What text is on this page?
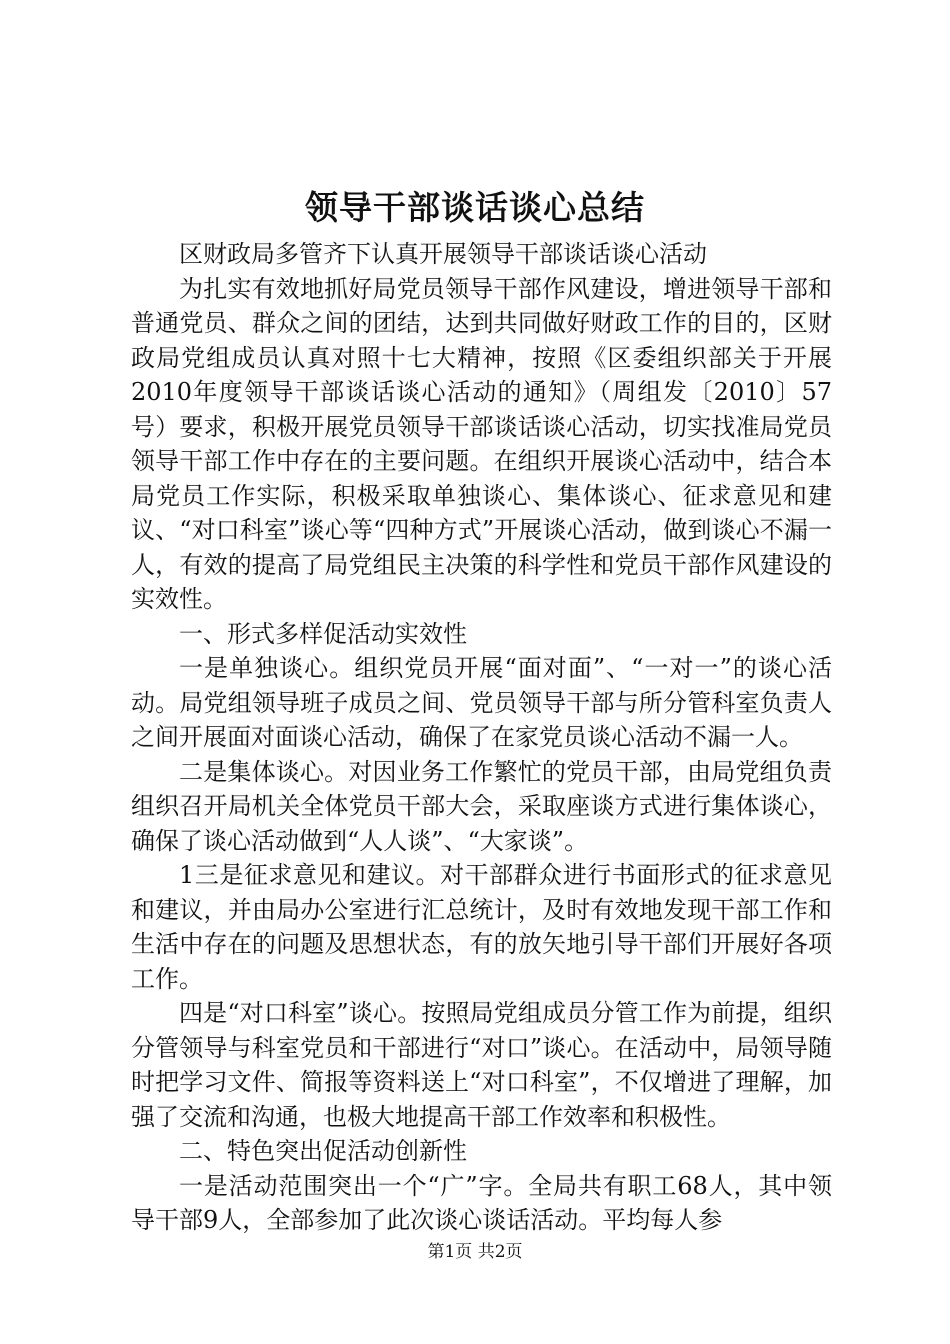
领导干部谈话谈心总结

区财政局多管齐下认真开展领导干部谈话谈心活动

为扎实有效地抓好局党员领导干部作风建设，增进领导干部和普通党员、群众之间的团结，达到共同做好财政工作的目的，区财政局党组成员认真对照十七大精神，按照《区委组织部关于开展2010年度领导干部谈话谈心活动的通知》（周组发〔2010〕57号）要求，积极开展党员领导干部谈话谈心活动，切实找准局党员领导干部工作中存在的主要问题。在组织开展谈心活动中，结合本局党员工作实际，积极采取单独谈心、集体谈心、征求意见和建议、“对口科室”谈心等“四种方式”开展谈心活动，做到谈心不漏一人，有效的提高了局党组民主决策的科学性和党员干部作风建设的实效性。

一、形式多样促活动实效性

一是单独谈心。组织党员开展“面对面”、“一对一”的谈心活动。局党组领导班子成员之间、党员领导干部与所分管科室负责人之间开展面对面谈心活动，确保了在家党员谈心活动不漏一人。

二是集体谈心。对因业务工作繁忙的党员干部，由局党组负责组织召开局机关全体党员干部大会，采取座谈方式进行集体谈心，确保了谈心活动做到“人人谈”、“大家谈”。

1三是征求意见和建议。对干部群众进行书面形式的征求意见和建议，并由局办公室进行汇总统计，及时有效地发现干部工作和生活中存在的问题及思想状态，有的放矢地引导干部们开展好各项工作。

四是“对口科室”谈心。按照局党组成员分管工作为前提，组织分管领导与科室党员和干部进行“对口”谈心。在活动中，局领导随时把学习文件、简报等资料送上“对口科室”，不仅增进了理解，加强了交流和沟通，也极大地提高干部工作效率和积极性。

二、特色突出促活动创新性

一是活动范围突出一个“广”字。全局共有职工68人，其中领导干部9人，全部参加了此次谈心谈话活动。平均每人参

第1页 共2页
